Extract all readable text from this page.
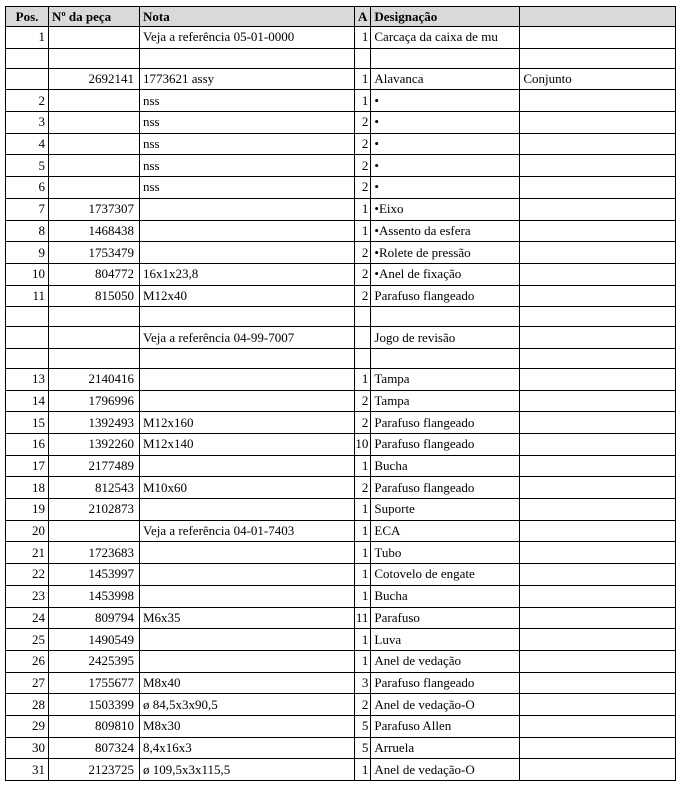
Pos.	Nº da peça	Nota	A	Designação	
1		Veja a referência 05-01-0000	1	Carcaça da caixa de mu	

	2692141	1773621 assy	1	Alavanca	Conjunto
2		nss	1	•	
3		nss	2	•	
4		nss	2	•	
5		nss	2	•	
6		nss	2	•	
7	1737307		1	•Eixo	
8	1468438		1	•Assento da esfera	
9	1753479		2	•Rolete de pressão	
10	804772	16x1x23,8	2	•Anel de fixação	
11	815050	M12x40	2	Parafuso flangeado	

		Veja a referência 04-99-7007		Jogo de revisão	

13	2140416		1	Tampa	
14	1796996		2	Tampa	
15	1392493	M12x160	2	Parafuso flangeado	
16	1392260	M12x140	10	Parafuso flangeado	
17	2177489		1	Bucha	
18	812543	M10x60	2	Parafuso flangeado	
19	2102873		1	Suporte	
20		Veja a referência 04-01-7403	1	ECA	
21	1723683		1	Tubo	
22	1453997		1	Cotovelo de engate	
23	1453998		1	Bucha	
24	809794	M6x35	11	Parafuso	
25	1490549		1	Luva	
26	2425395		1	Anel de vedação	
27	1755677	M8x40	3	Parafuso flangeado	
28	1503399	ø 84,5x3x90,5	2	Anel de vedação-O	
29	809810	M8x30	5	Parafuso Allen	
30	807324	8,4x16x3	5	Arruela	
31	2123725	ø 109,5x3x115,5	1	Anel de vedação-O	
